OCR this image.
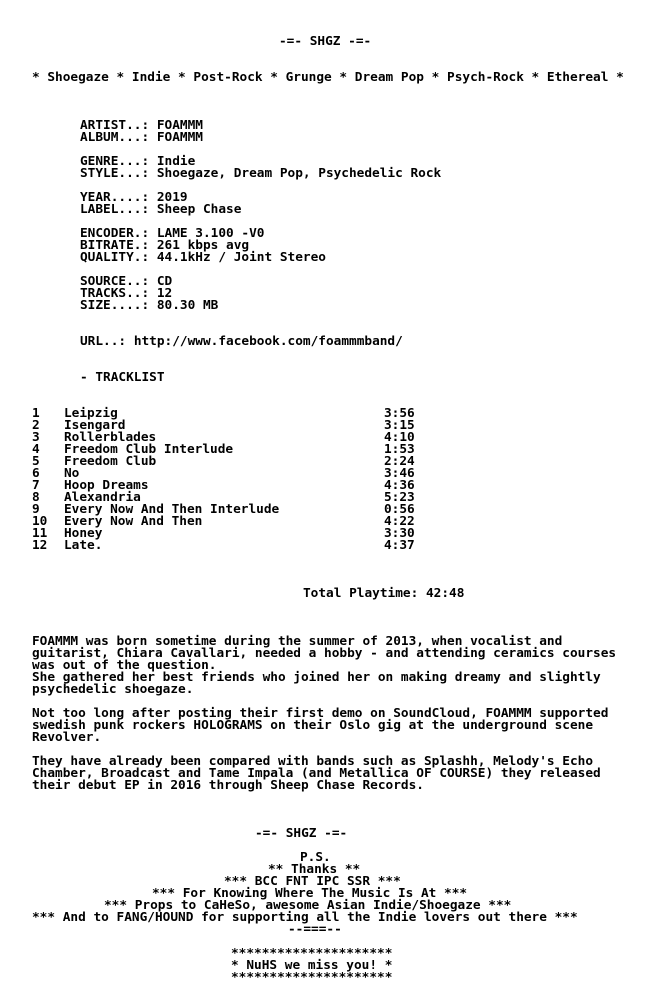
-=- SHGZ -=-
* Shoegaze * Indie * Post-Rock * Grunge * Dream Pop * Psych-Rock * Ethereal *
ARTIST..: FOAMMM
ALBUM...: FOAMMM
GENRE...: Indie
STYLE...: Shoegaze, Dream Pop, Psychedelic Rock
YEAR....: 2019
LABEL...: Sheep Chase
ENCODER.: LAME 3.100 -V0
BITRATE.: 261 kbps avg
QUALITY.: 44.1kHz / Joint Stereo
SOURCE..: CD
TRACKS..: 12
SIZE....: 80.30 MB
URL..: http://www.facebook.com/foammmband/
- TRACKLIST
1 Leipzig	3:56
2 Isengard	3:15
3 Rollerblades	4:10
4 Freedom Club Interlude	1:53
5 Freedom Club	2:24
6 No	3:46
7 Hoop Dreams	4:36
8 Alexandria	5:23
9 Every Now And Then Interlude	0:56
10 Every Now And Then	4:22
11 Honey	3:30
12 Late.	4:37
Total Playtime: 42:48
FOAMMM was born sometime during the summer of 2013, when vocalist and
guitarist, Chiara Cavallari, needed a hobby - and attending ceramics courses
was out of the question.
She gathered her best friends who joined her on making dreamy and slightly
psychedelic shoegaze.
Not too long after posting their first demo on SoundCloud, FOAMMM supported
swedish punk rockers HOLOGRAMS on their Oslo gig at the underground scene
Revolver.
They have already been compared with bands such as Splashh, Melody's Echo
Chamber, Broadcast and Tame Impala (and Metallica OF COURSE) they released
their debut EP in 2016 through Sheep Chase Records.
-=- SHGZ -=-
P.S.
** Thanks **
*** BCC FNT IPC SSR ***
*** For Knowing Where The Music Is At ***
*** Props to CaHeSo, awesome Asian Indie/Shoegaze ***
*** And to FANG/HOUND for supporting all the Indie lovers out there ***
--===--
*********************
* NuHS we miss you! *
*********************
